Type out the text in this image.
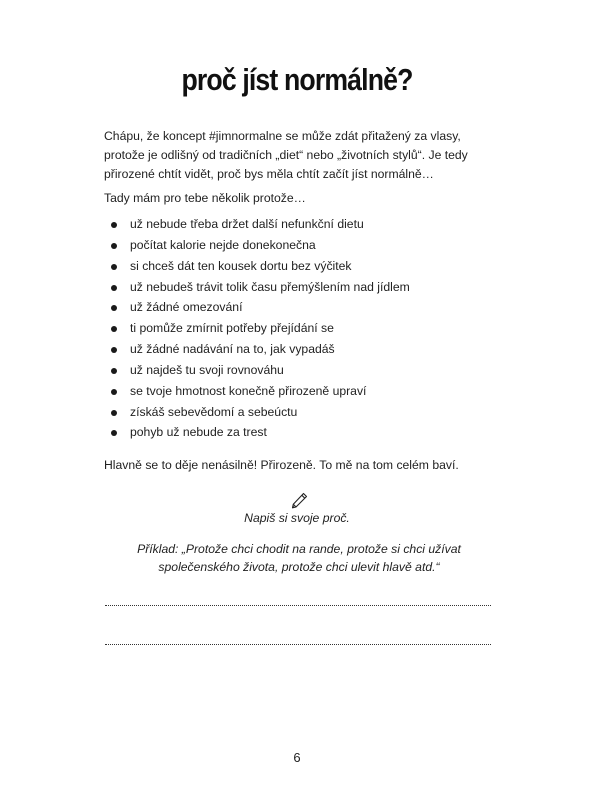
proč jíst normálně?
Chápu, že koncept #jimnormalne se může zdát přitažený za vlasy, protože je odlišný od tradičních „diet“ nebo „životních stylů“. Je tedy přirozené chtít vidět, proč bys měla chtít začít jíst normálně…
Tady mám pro tebe několik protože…
už nebude třeba držet další nefunkční dietu
počítat kalorie nejde donekonečna
si chceš dát ten kousek dortu bez výčitek
už nebudeš trávit tolik času přemýšlením nad jídlem
už žádné omezování
ti pomůže zmírnit potřeby přejídání se
už žádné nadávání na to, jak vypadáš
už najdeš tu svoji rovnováhu
se tvoje hmotnost konečně přirozeně upraví
získáš sebevědomí a sebeúctu
pohyb už nebude za trest
Hlavně se to děje nenásilně! Přirozeně. To mě na tom celém baví.
Napiš si svoje proč.
Příklad: „Protože chci chodit na rande, protože si chci užívat společenského života, protože chci ulevit hlavě atd.“
6
